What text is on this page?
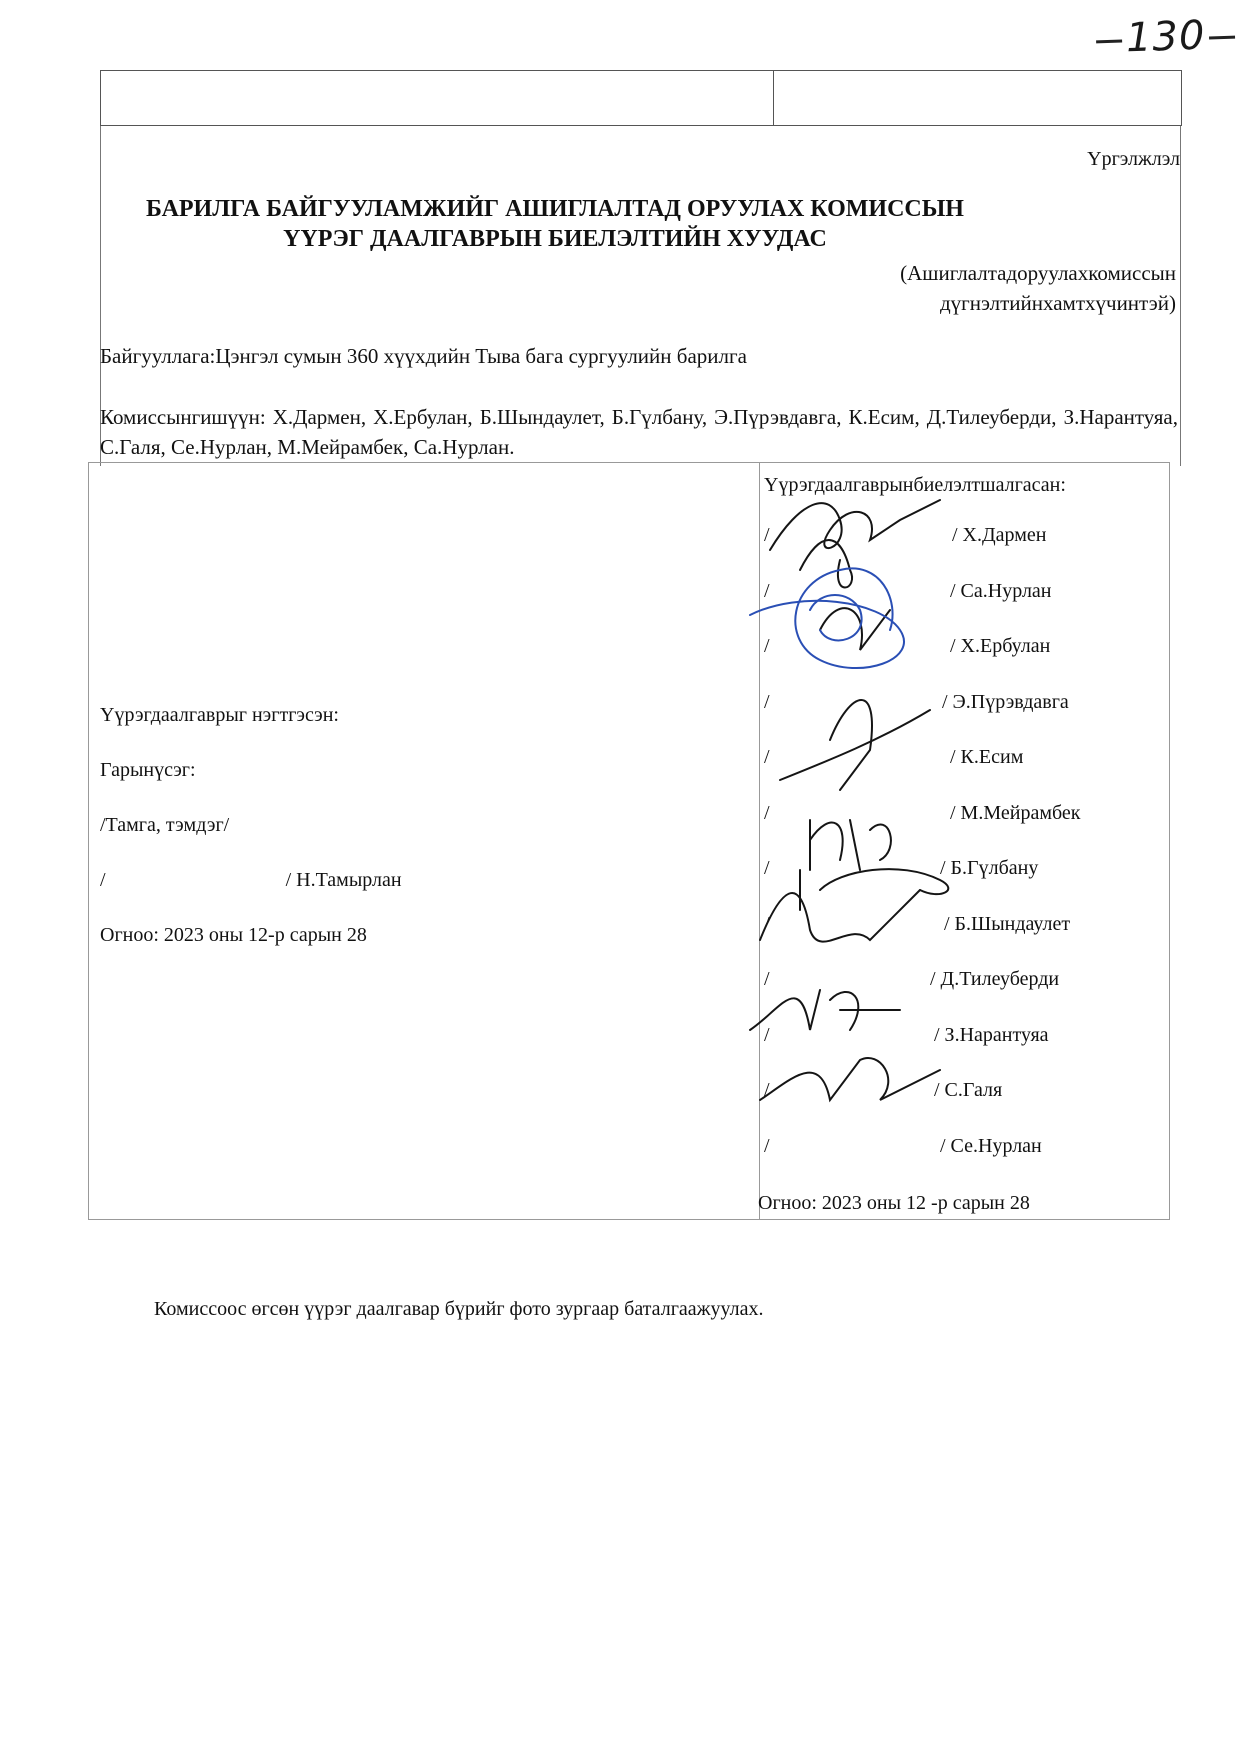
130
Үргэлжлэл
БАРИЛГА БАЙГУУЛАМЖИЙГ АШИГЛАЛТАД ОРУУЛАХ КОМИССЫН
ҮҮРЭГ ДААЛГАВРЫН БИЕЛЭЛТИЙН ХУУДАС
(Ашиглалтадоруулахкомиссын
дүгнэлтийнхамтхүчинтэй)
Байгууллага:Цэнгэл сумын 360 хүүхдийн Тыва бага сургуулийн барилга
Комиссынгишүүн: Х.Дармен, Х.Ербулан, Б.Шындаулет, Б.Гүлбану, Э.Пүрэвдавга, К.Есим, Д.Тилеуберди, З.Нарантуяа, С.Галя, Се.Нурлан, М.Мейрамбек, Са.Нурлан.
Үүрэгдаалгаврыг нэгтгэсэн:
Гарынүсэг:
/Тамга, тэмдэг/
/	/ Н.Тамырлан
Огноо: 2023 оны 12-р сарын 28
Үүрэгдаалгаврынбиелэлтшалгасан:
/	/ Х.Дармен
/	/ Са.Нурлан
/	/ Х.Ербулан
/	/ Э.Пүрэвдавга
/	/ К.Есим
/	/ М.Мейрамбек
/	/ Б.Гүлбану
/	/ Б.Шындаулет
/	/ Д.Тилеуберди
/	/ З.Нарантуяа
/	/ С.Галя
/	/ Се.Нурлан
Огноо: 2023 оны 12 -р сарын 28
Комиссоос өгсөн үүрэг даалгавар бүрийг фото зургаар баталгаажуулах.
